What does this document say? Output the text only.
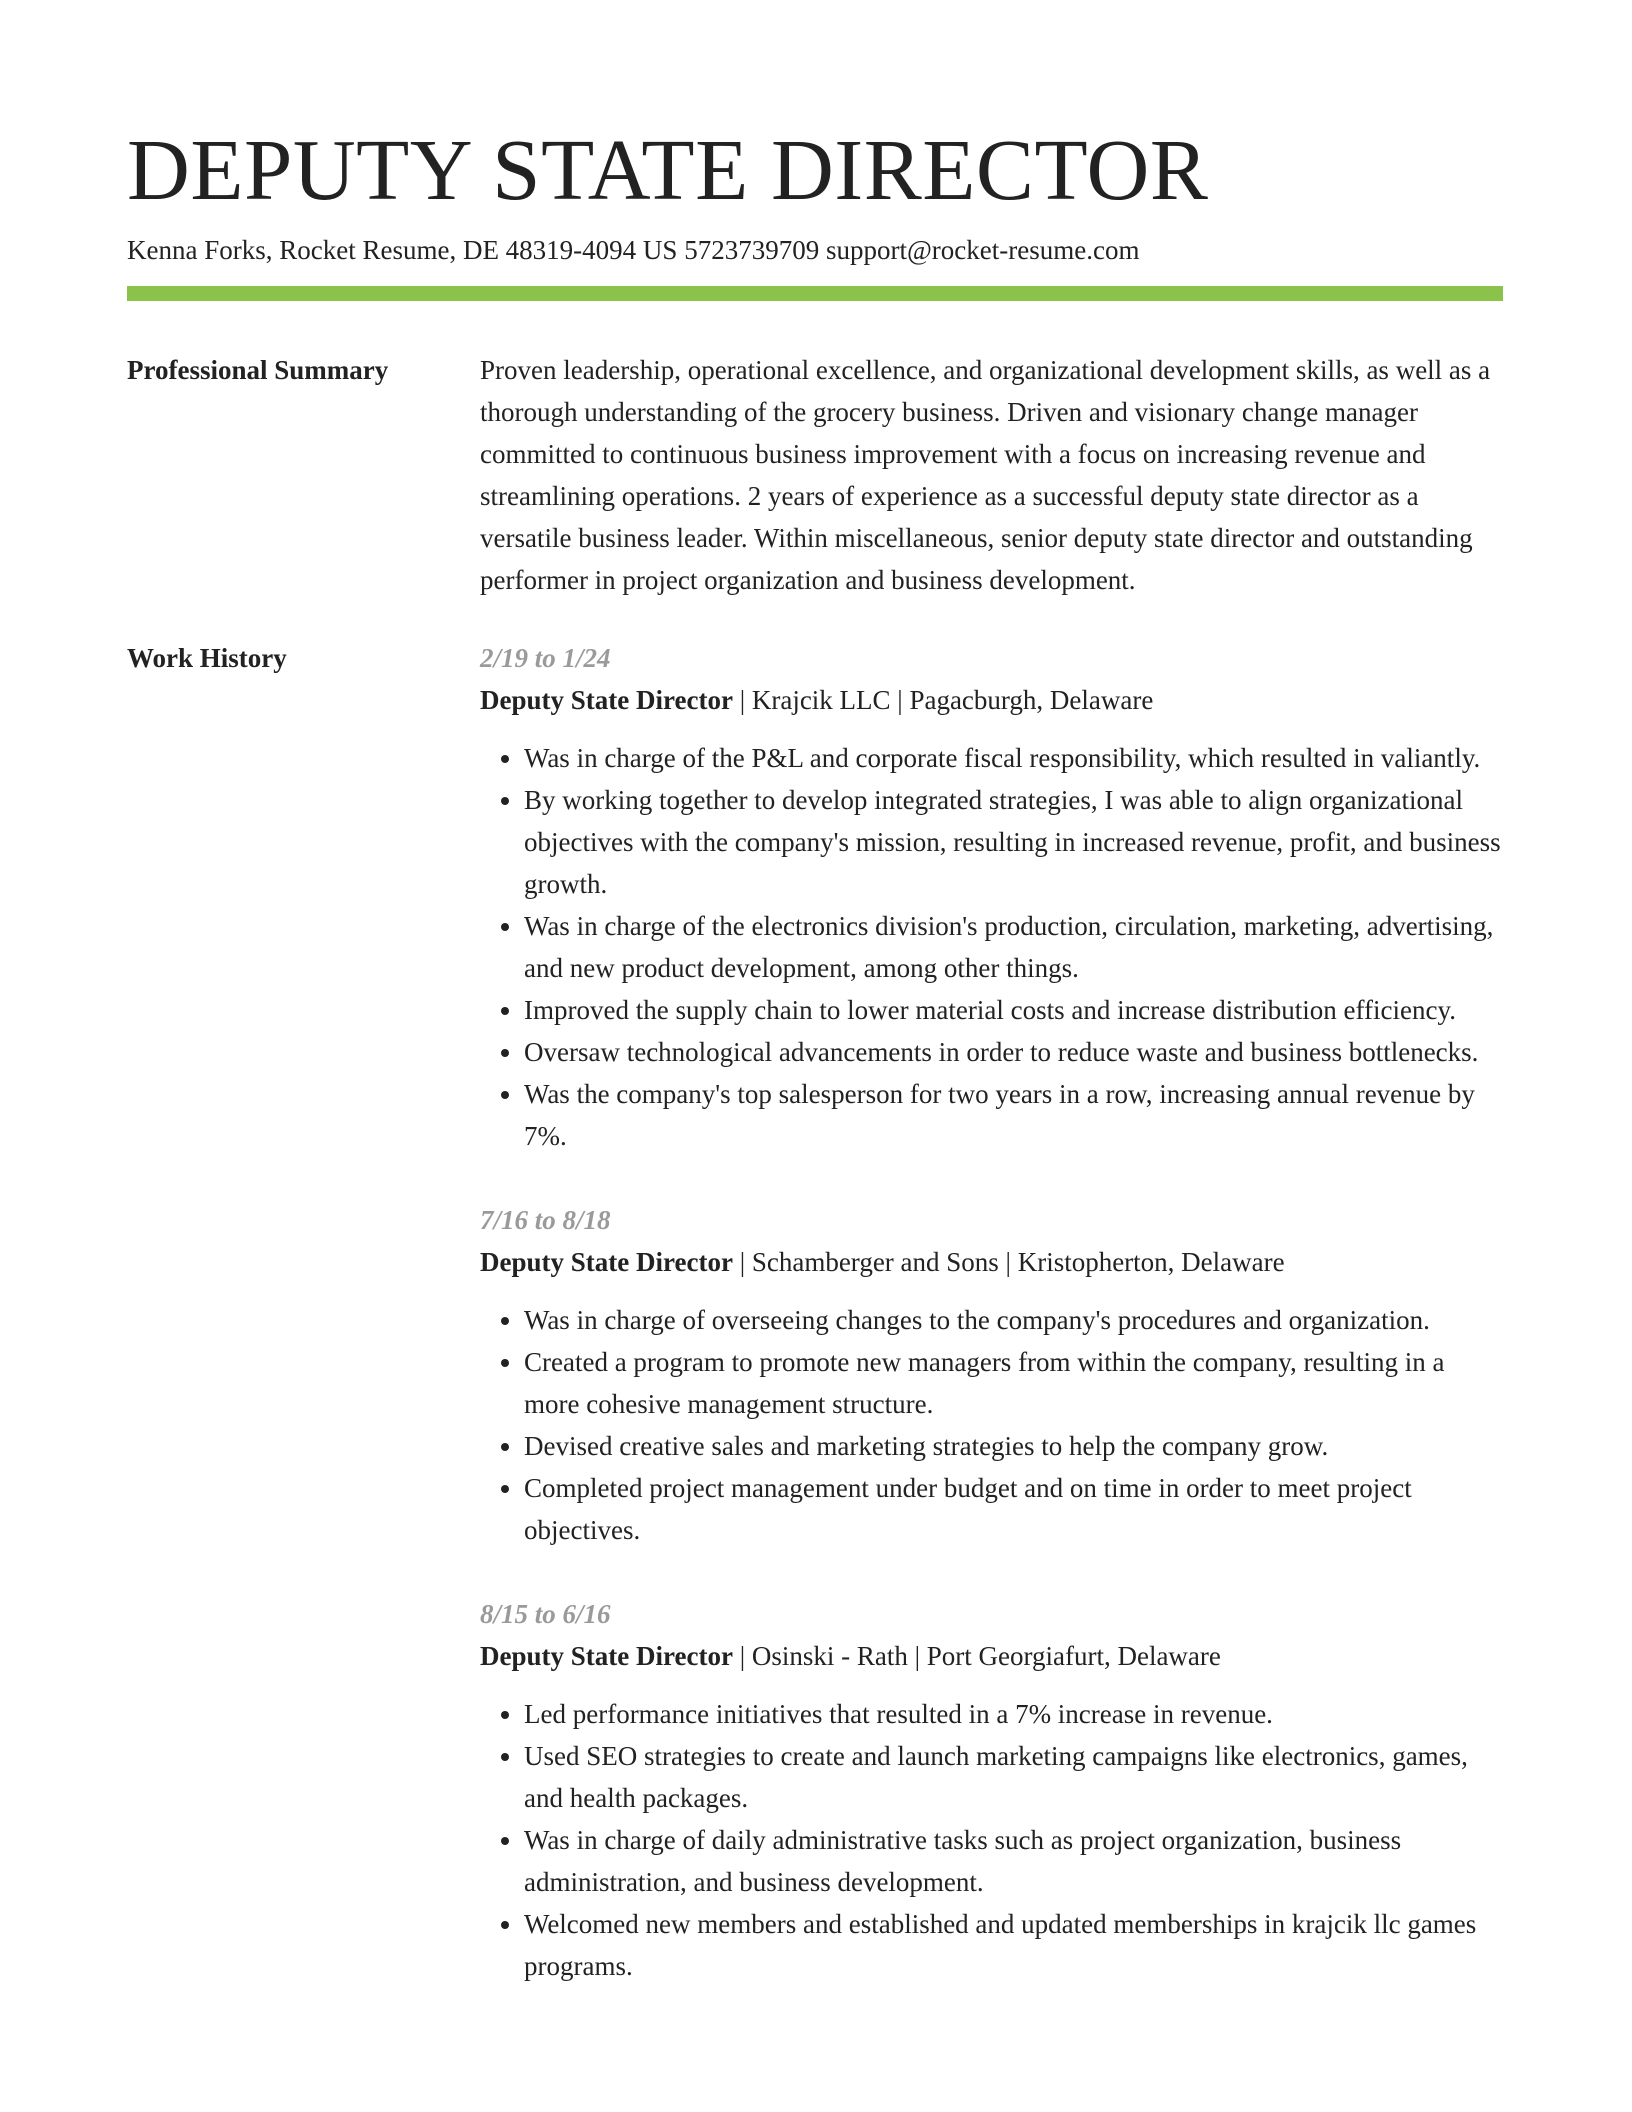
DEPUTY STATE DIRECTOR
Kenna Forks, Rocket Resume, DE 48319-4094 US 5723739709 support@rocket-resume.com
Professional Summary	Proven leadership, operational excellence, and organizational development skills, as well as a thorough understanding of the grocery business. Driven and visionary change manager committed to continuous business improvement with a focus on increasing revenue and streamlining operations. 2 years of experience as a successful deputy state director as a versatile business leader. Within miscellaneous, senior deputy state director and outstanding performer in project organization and business development.

Work History	2/19 to 1/24
Deputy State Director | Krajcik LLC | Pagacburgh, Delaware
• Was in charge of the P&L and corporate fiscal responsibility, which resulted in valiantly.
• By working together to develop integrated strategies, I was able to align organizational objectives with the company's mission, resulting in increased revenue, profit, and business growth.
• Was in charge of the electronics division's production, circulation, marketing, advertising, and new product development, among other things.
• Improved the supply chain to lower material costs and increase distribution efficiency.
• Oversaw technological advancements in order to reduce waste and business bottlenecks.
• Was the company's top salesperson for two years in a row, increasing annual revenue by 7%.
7/16 to 8/18
Deputy State Director | Schamberger and Sons | Kristopherton, Delaware
• Was in charge of overseeing changes to the company's procedures and organization.
• Created a program to promote new managers from within the company, resulting in a more cohesive management structure.
• Devised creative sales and marketing strategies to help the company grow.
• Completed project management under budget and on time in order to meet project objectives.
8/15 to 6/16
Deputy State Director | Osinski - Rath | Port Georgiafurt, Delaware
• Led performance initiatives that resulted in a 7% increase in revenue.
• Used SEO strategies to create and launch marketing campaigns like electronics, games, and health packages.
• Was in charge of daily administrative tasks such as project organization, business administration, and business development.
• Welcomed new members and established and updated memberships in krajcik llc games programs.
